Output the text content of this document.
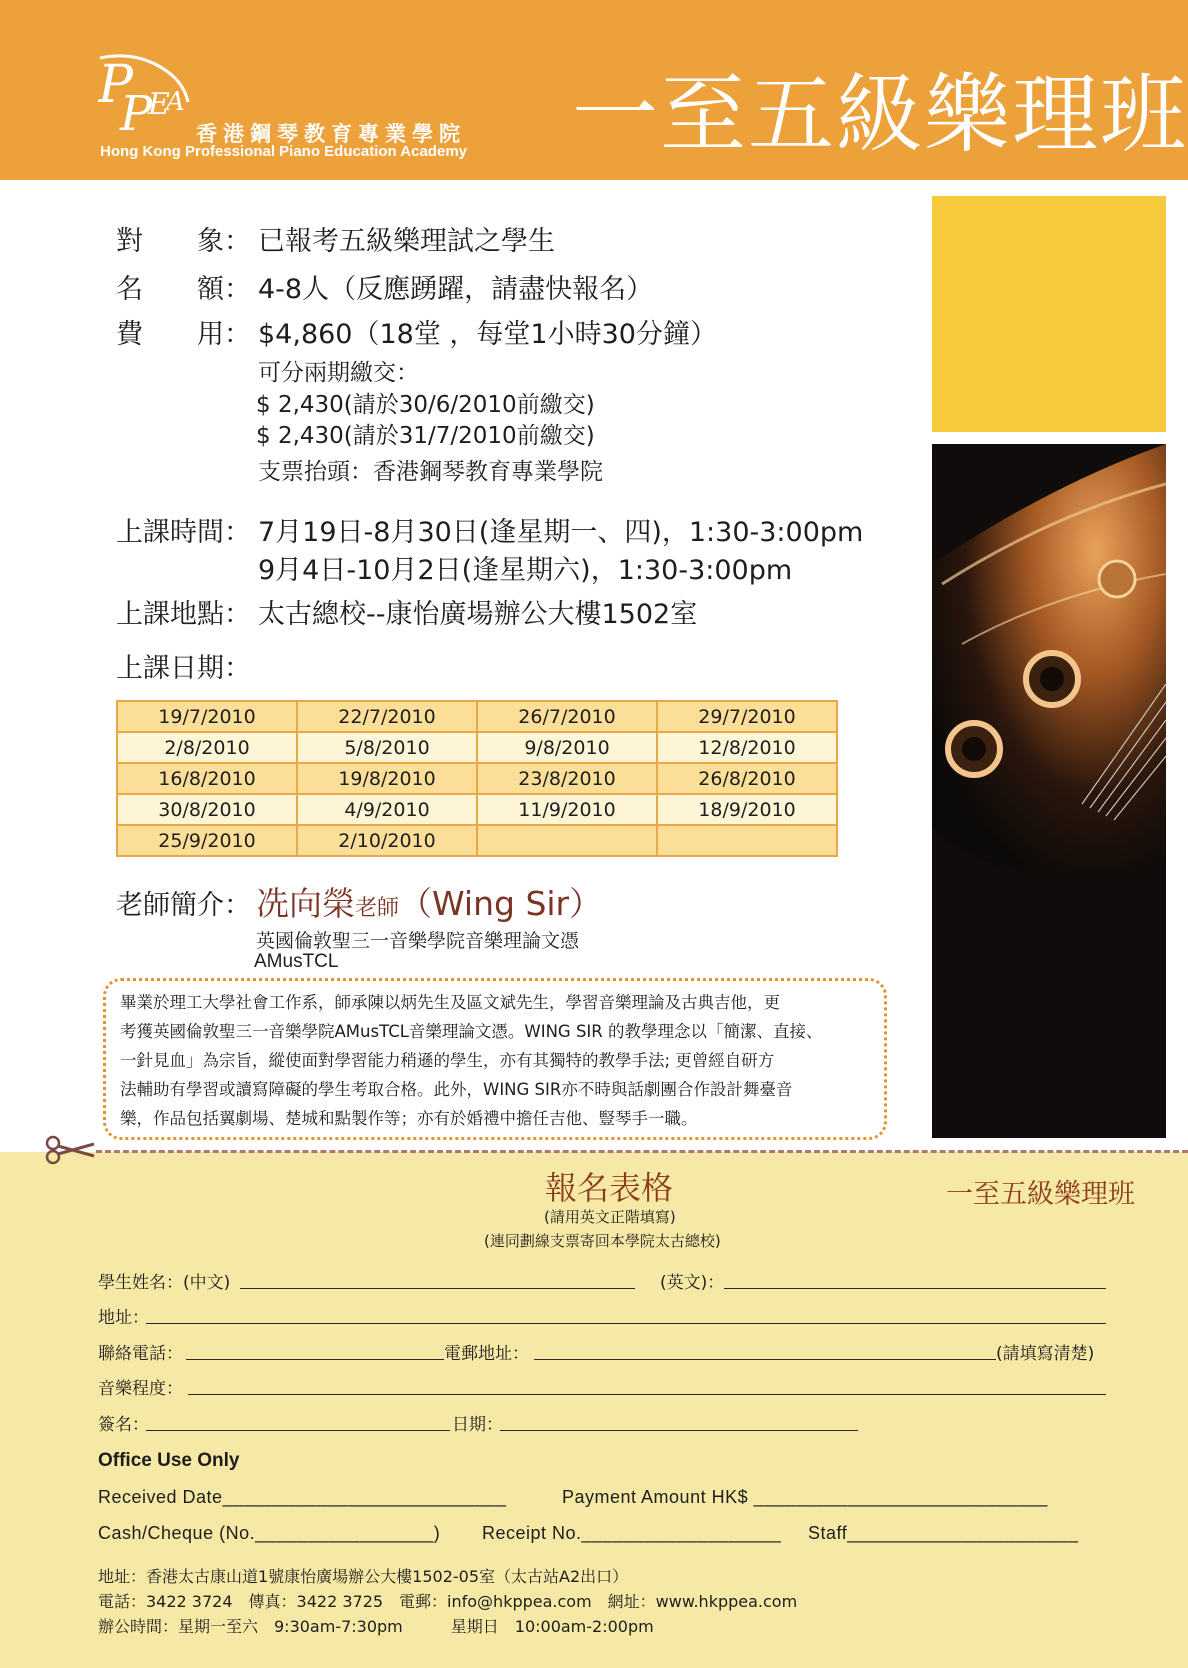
P
P
E
A
香港鋼琴教育專業學院
Hong Kong Professional Piano Education Academy 一至五級樂理班
對　　象： 已報考五級樂理試之學生
名　　額： 4-8人（反應踴躍，請盡快報名）
費　　用： $4,860（18堂 ，每堂1小時30分鐘）
可分兩期繳交：
$ 2,430(請於30/6/2010前繳交)
$ 2,430(請於31/7/2010前繳交)
支票抬頭：香港鋼琴教育專業學院
上課時間： 7月19日-8月30日(逢星期一、四)，1:30-3:00pm
9月4日-10月2日(逢星期六)，1:30-3:00pm
上課地點： 太古總校--康怡廣場辦公大樓1502室
上課日期：
19/7/2010	22/7/2010	26/7/2010	29/7/2010
2/8/2010	5/8/2010	9/8/2010	12/8/2010
16/8/2010	19/8/2010	23/8/2010	26/8/2010
30/8/2010	4/9/2010	11/9/2010	18/9/2010
25/9/2010	2/10/2010		
老師簡介： 冼向榮老師（Wing Sir）
英國倫敦聖三一音樂學院音樂理論文憑
AMusTCL
畢業於理工大學社會工作系，師承陳以炳先生及區文斌先生，學習音樂理論及古典吉他，更
考獲英國倫敦聖三一音樂學院AMusTCL音樂理論文憑。WING SIR 的教學理念以「簡潔、直接、
一針見血」為宗旨，縱使面對學習能力稍遜的學生，亦有其獨特的教學手法; 更曾經自研方
法輔助有學習或讀寫障礙的學生考取合格。此外，WING SIR亦不時與話劇團合作設計舞臺音
樂，作品包括翼劇場、楚城和點製作等；亦有於婚禮中擔任吉他、豎琴手一職。
報名表格	一至五級樂理班
(請用英文正階填寫)
(連同劃線支票寄回本學院太古總校)
學生姓名：(中文)	(英文)：
地址：
聯絡電話：	電郵地址：	(請填寫清楚)
音樂程度：
簽名：	日期：
Office Use Only
Received Date___________________________	Payment Amount HK$ ____________________________
Cash/Cheque (No._________________) Receipt No.___________________ Staff______________________
地址：香港太古康山道1號康怡廣場辦公大樓1502-05室（太古站A2出口）
電話：3422 3724　傳真：3422 3725　電郵：info@hkppea.com　網址：www.hkppea.com
辦公時間：星期一至六　9:30am-7:30pm　　　星期日　10:00am-2:00pm
